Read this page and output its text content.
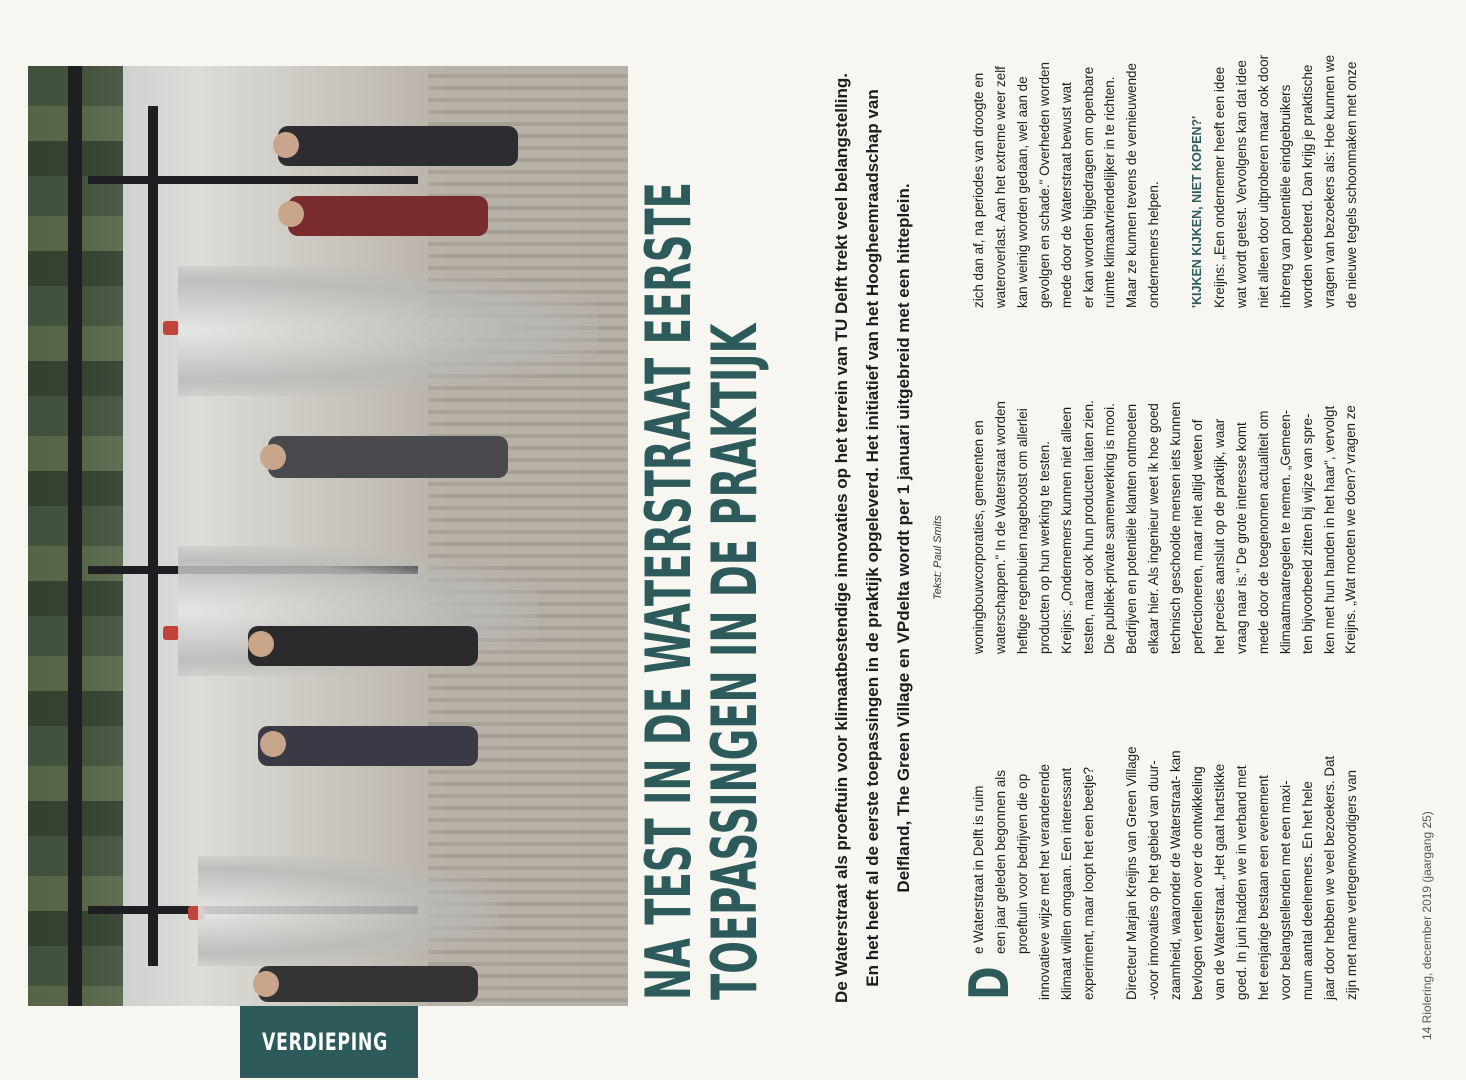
VERDIEPING
NA TEST IN DE WATERSTRAAT EERSTE
TOEPASSINGEN IN DE PRAKTIJK	De Waterstraat als proeftuin voor klimaatbestendige innovaties op het terrein van TU Delft trekt veel belangstelling. En het heeft al de eerste toepassingen in de praktijk opgeleverd. Het initiatief van het Hoogheemraadschap van Delfland, The Green Village en VPdelta wordt per 1 januari uitgebreid met een hitteplein.	Tekst: Paul Smits
D

e Waterstraat in Delft is ruim een jaar geleden begonnen als proeftuin voor bedrijven die op innovatieve wijze met het veranderende klimaat willen omgaan. Een interessant experiment, maar loopt het een beetje? Directeur Marjan Kreijns van Green Village -voor innovaties op het gebied van duur- zaamheid, waaronder de Waterstraat- kan bevlogen vertellen over de ontwikkeling van de Waterstraat. „Het gaat hartstikke goed. In juni hadden we in verband met het eenjarige bestaan een evenement voor belangstellenden met een maxi- mum aantal deelnemers. En het hele jaar door hebben we veel bezoekers. Dat zijn met name vertegenwoordigers van

woningbouwcorporaties, gemeenten en waterschappen." In de Waterstraat worden heftige regenbuien nagebootst om allerlei producten op hun werking te testen. Kreijns: „Ondernemers kunnen niet alleen testen, maar ook hun producten laten zien. Die publiek-private samenwerking is mooi. Bedrijven en potentiële klanten ontmoeten elkaar hier. Als ingenieur weet ik hoe goed technisch geschoolde mensen iets kunnen perfectioneren, maar niet altijd weten of het precies aansluit op de praktijk, waar vraag naar is." De grote interesse komt mede door de toegenomen actualiteit om klimaatmaatregelen te nemen. „Gemeen- ten bijvoorbeeld zitten bij wijze van spre- ken met hun handen in het haar", vervolgt Kreijns. „Wat moeten we doen? vragen ze

zich dan af, na periodes van droogte en wateroverlast. Aan het extreme weer zelf kan weinig worden gedaan, wel aan de gevolgen en schade." Overheden worden mede door de Waterstraat bewust wat er kan worden bijgedragen om openbare ruimte klimaatvriendelijker in te richten. Maar ze kunnen tevens de vernieuwende ondernemers helpen.	'KIJKEN KIJKEN, NIET KOPEN?' Kreijns: „Een ondernemer heeft een idee wat wordt getest. Vervolgens kan dat idee niet alleen door uitproberen maar ook door inbreng van potentiële eindgebruikers worden verbeterd. Dan krijg je praktische vragen van bezoekers als: Hoe kunnen we de nieuwe tegels schoonmaken met onze

14 Riolering, december 2019 (jaargang 25)
